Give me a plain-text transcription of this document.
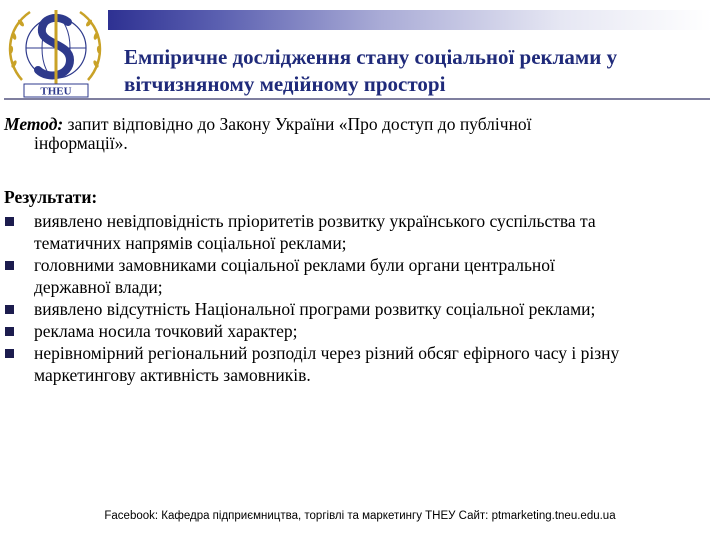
THEU
Емпіричне дослідження стану соціальної реклами у
вітчизняному медійному просторі
Метод: запит відповідно до Закону України «Про доступ до публічної
інформації».
Результати:
виявлено невідповідність пріоритетів розвитку українського суспільства та
тематичних напрямів соціальної реклами;
головними замовниками соціальної реклами були органи центральної
державної влади;
виявлено відсутність Національної програми розвитку соціальної реклами;
реклама носила точковий характер;
нерівномірний регіональний розподіл через різний обсяг ефірного часу і різну
маркетингову активність замовників.
Facebook: Кафедра підприємництва, торгівлі та маркетингу ТНЕУ Сайт: ptmarketing.tneu.edu.ua
